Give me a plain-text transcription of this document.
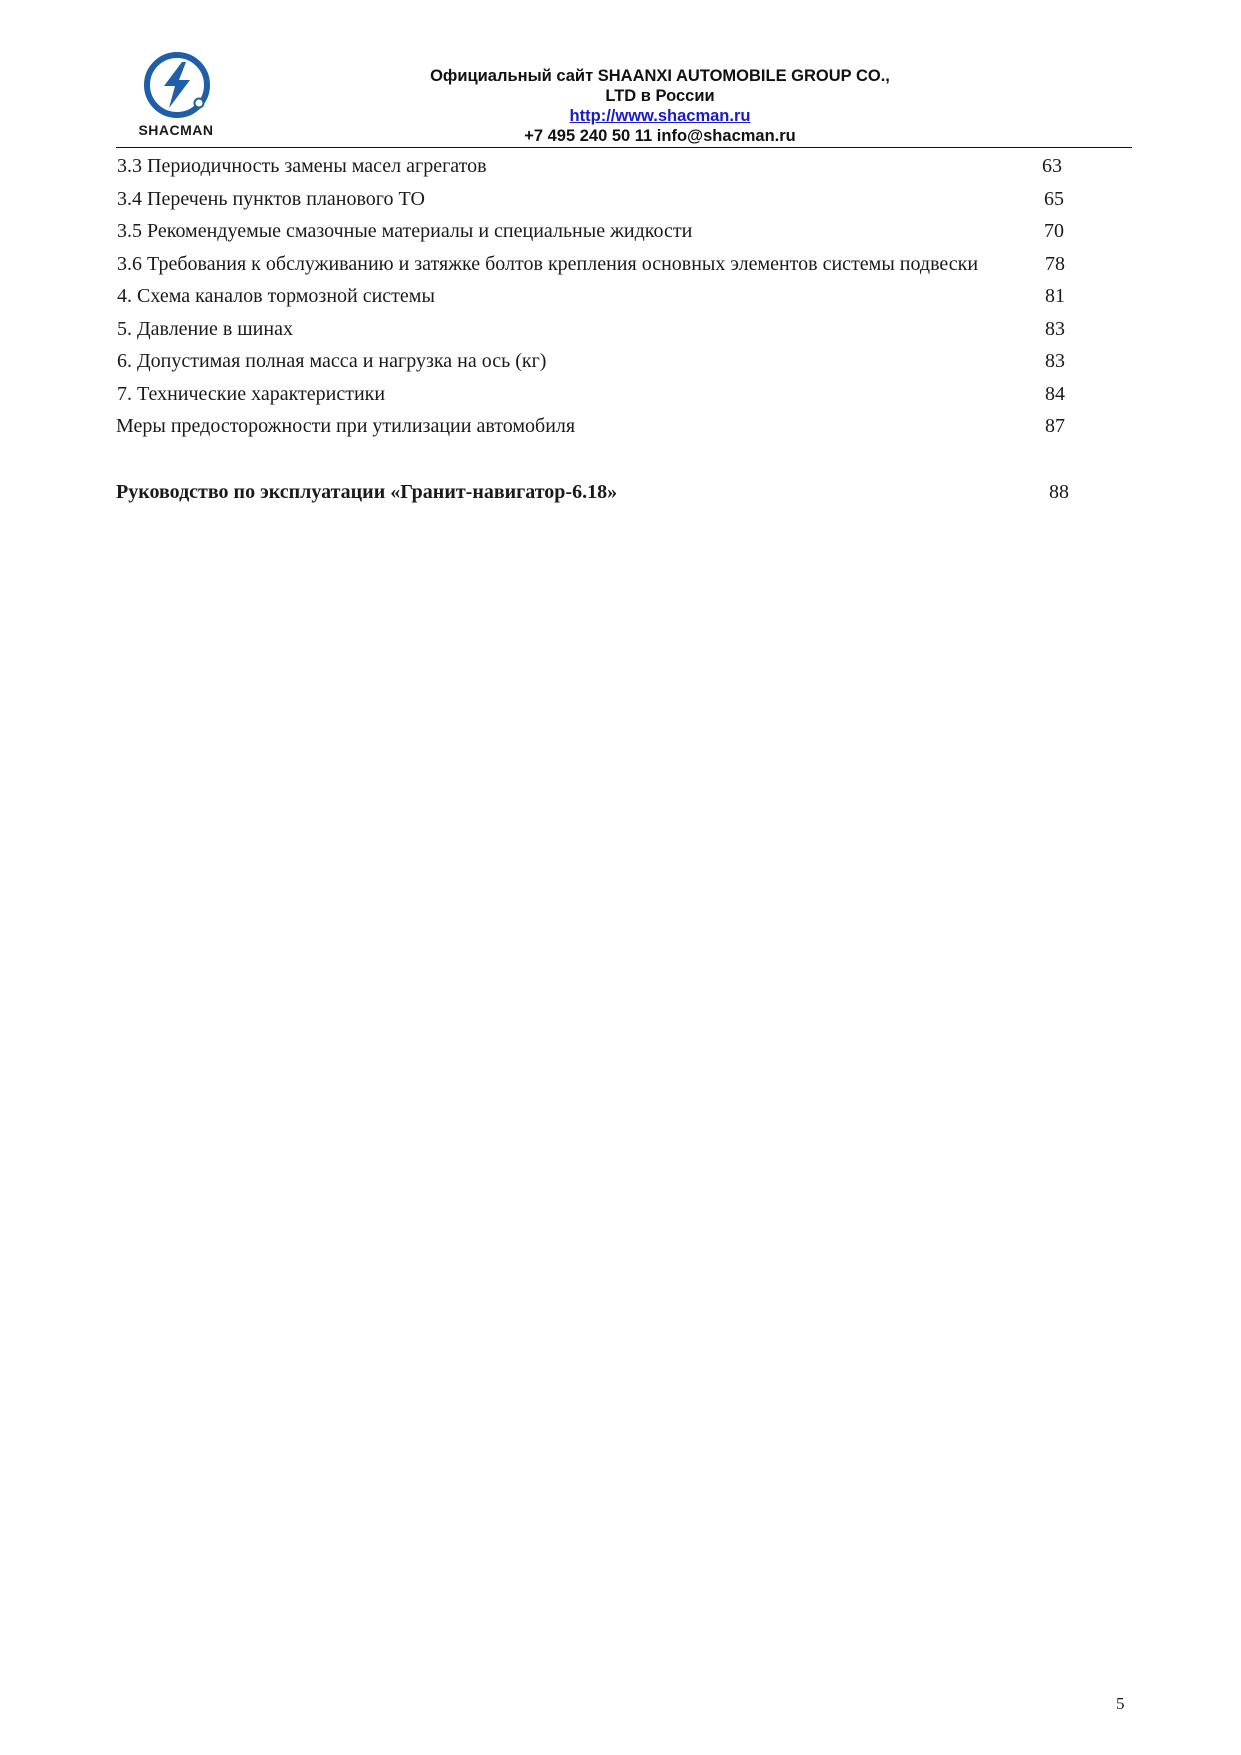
SHACMAN
Официальный сайт SHAANXI AUTOMOBILE GROUP CO.,
LTD в России
http://www.shacman.ru
+7 495 240 50 11 info@shacman.ru
3.3 Периодичность замены масел агрегатов	63
3.4 Перечень пунктов планового ТО	65
3.5 Рекомендуемые смазочные материалы и специальные жидкости	70
3.6 Требования к обслуживанию и затяжке болтов крепления основных элементов системы подвески	78
4. Схема каналов тормозной системы	81
5. Давление в шинах	83
6. Допустимая полная масса и нагрузка на ось (кг)	83
7. Технические характеристики	84
Меры предосторожности при утилизации автомобиля	87
Руководство по эксплуатации «Гранит-навигатор-6.18»	88
5
